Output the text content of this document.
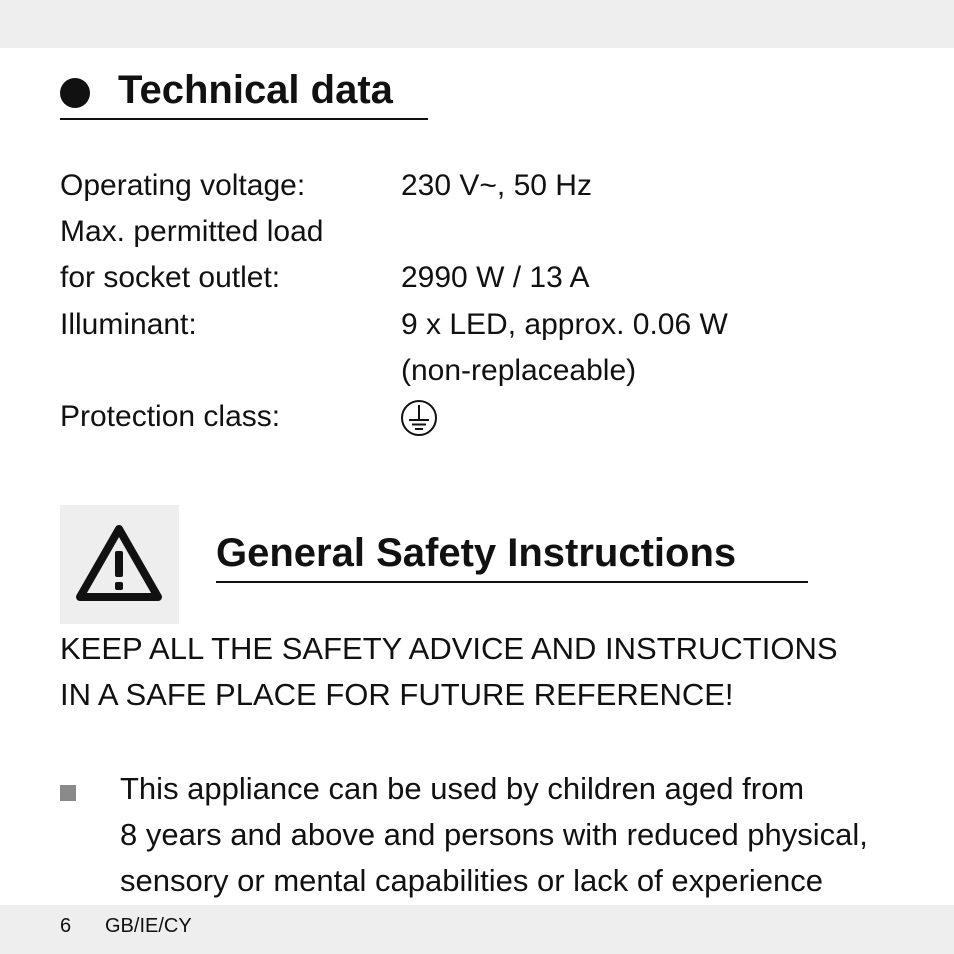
Technical data
Operating voltage:	230 V~, 50 Hz
Max. permitted load
for socket outlet:	2990 W / 13 A
Illuminant:	9 x LED, approx. 0.06 W
(non-replaceable)
Protection class:
General Safety Instructions
KEEP ALL THE SAFETY ADVICE AND INSTRUCTIONS
IN A SAFE PLACE FOR FUTURE REFERENCE!
This appliance can be used by children aged from
8 years and above and persons with reduced physical,
sensory or mental capabilities or lack of experience
6 GB/IE/CY
